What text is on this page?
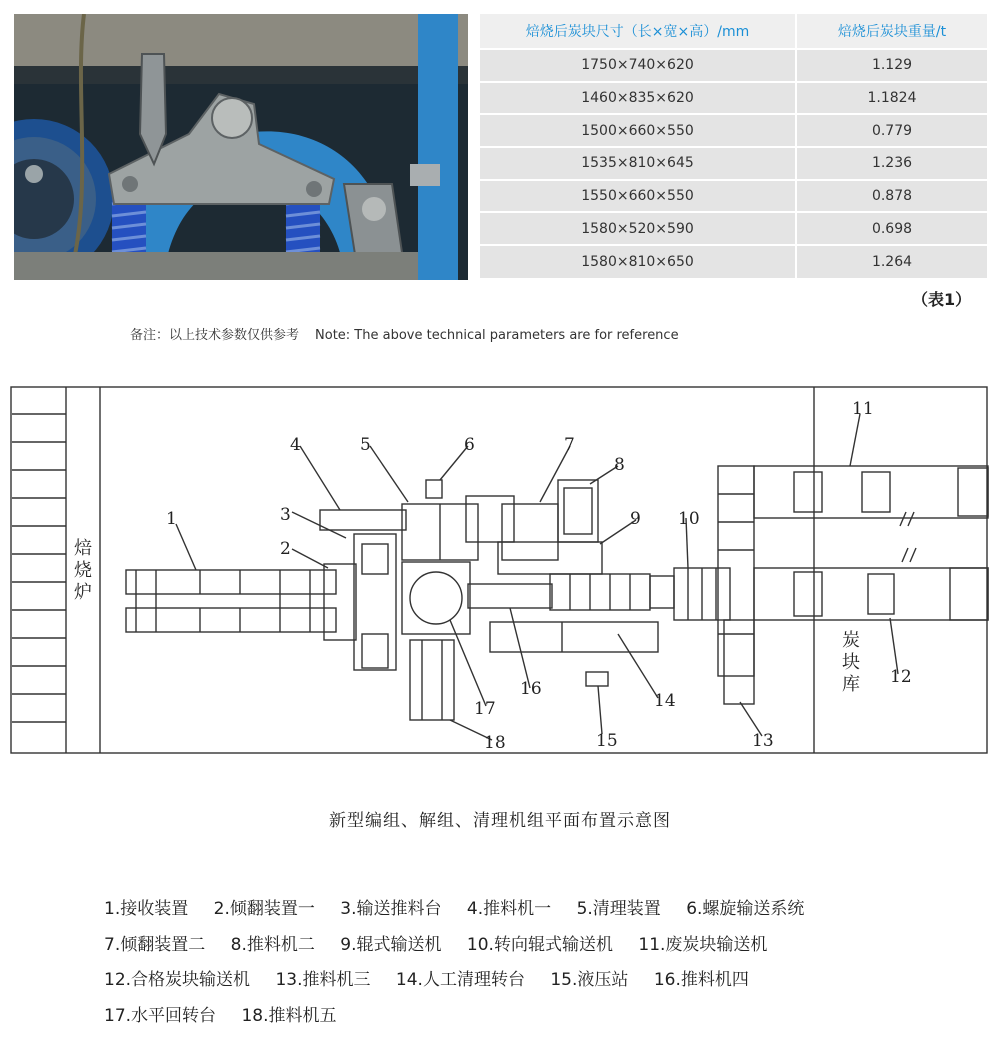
焙烧后炭块尺寸（长×宽×高）/mm	焙烧后炭块重量/t
1750×740×620	1.129
1460×835×620	1.1824
1500×660×550	0.779
1535×810×645	1.236
1550×660×550	0.878
1580×520×590	0.698
1580×810×650	1.264
（表1）
备注：以上技术参数仅供参考 Note: The above technical parameters are for reference
焙
烧
炉
炭
块
库
1
2
3
4	5	6	7
8
9 10
11
12
13
14
15
16
17
18
新型编组、解组、清理机组平面布置示意图
1.接收装置 2.倾翻装置一 3.输送推料台 4.推料机一 5.清理装置 6.螺旋输送系统
7.倾翻装置二 8.推料机二 9.辊式输送机 10.转向辊式输送机 11.废炭块输送机
12.合格炭块输送机 13.推料机三 14.人工清理转台 15.液压站 16.推料机四
17.水平回转台 18.推料机五
